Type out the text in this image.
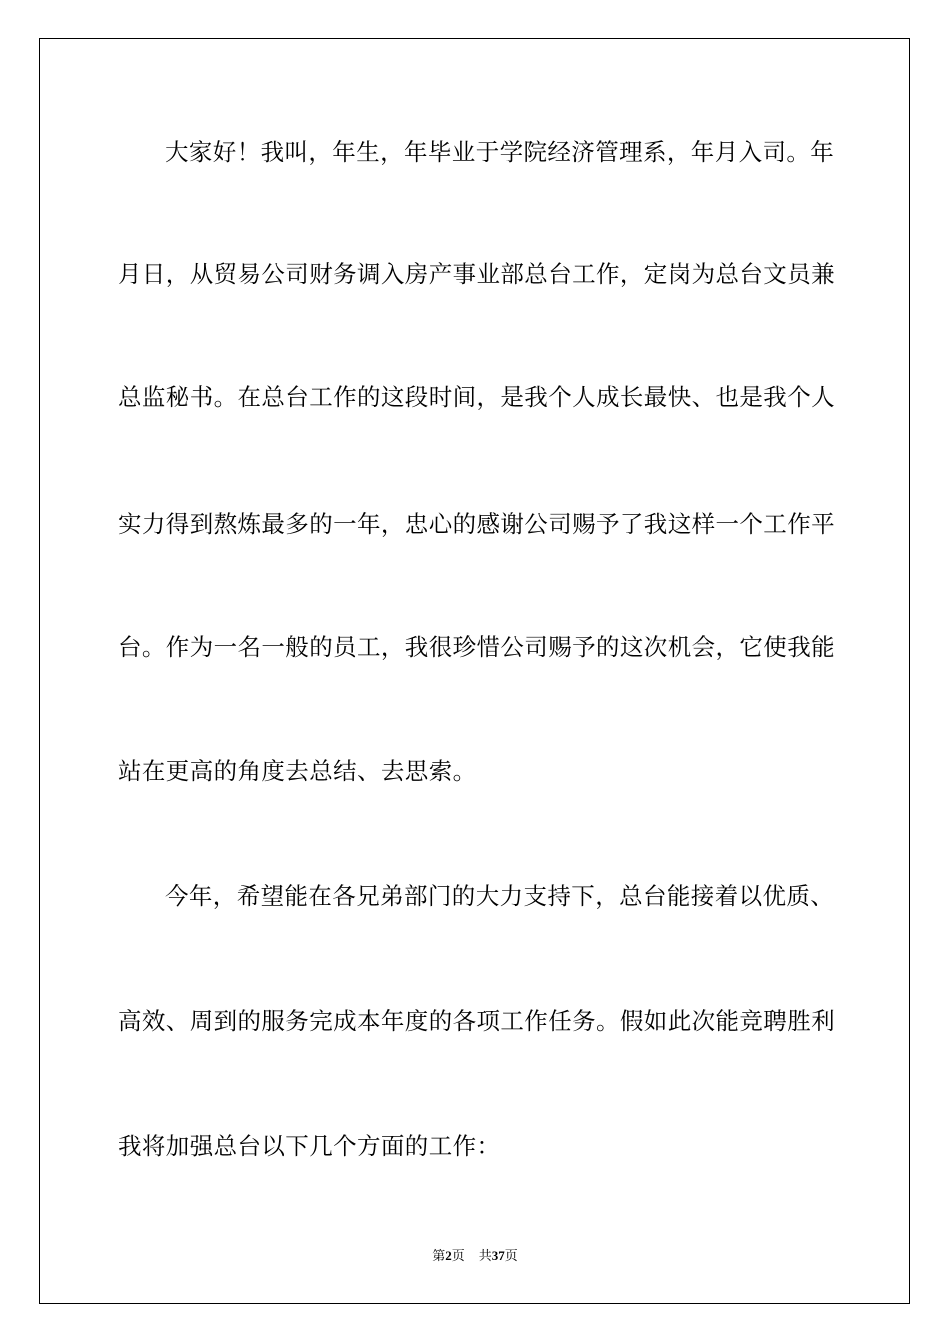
大家好！我叫，年生，年毕业于学院经济管理系，年月入司。年
月日，从贸易公司财务调入房产事业部总台工作，定岗为总台文员兼
总监秘书。在总台工作的这段时间，是我个人成长最快、也是我个人
实力得到熬炼最多的一年，忠心的感谢公司赐予了我这样一个工作平
台。作为一名一般的员工，我很珍惜公司赐予的这次机会，它使我能
站在更高的角度去总结、去思索。
今年，希望能在各兄弟部门的大力支持下，总台能接着以优质、
高效、周到的服务完成本年度的各项工作任务。假如此次能竞聘胜利
我将加强总台以下几个方面的工作：
第2页 共37页
